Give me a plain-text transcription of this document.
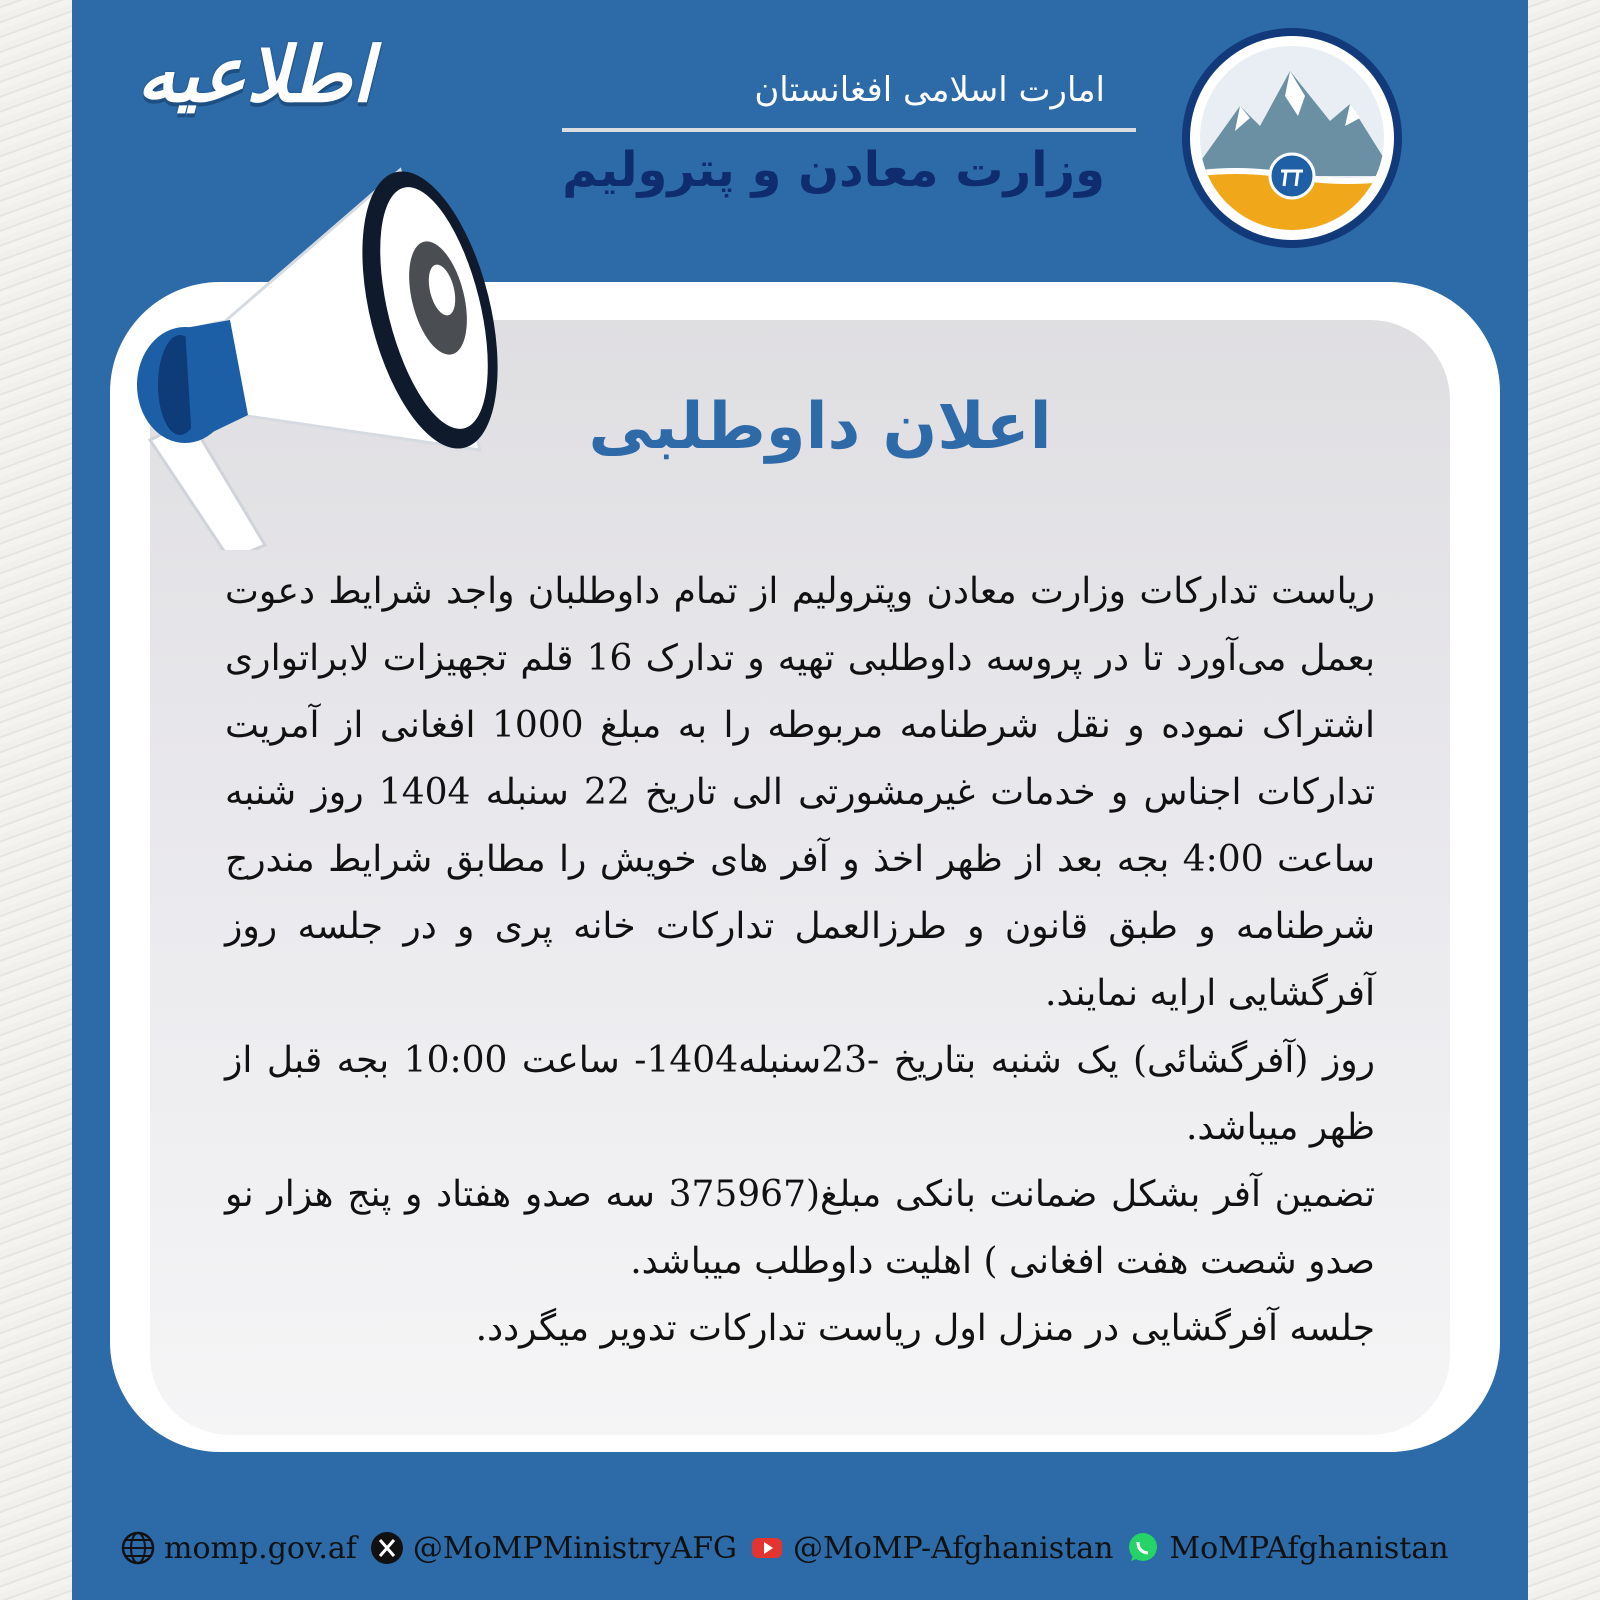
اطلاعیه	امارت اسلامی افغانستان
وزارت معادن و پترولیم
اعلان داوطلبی

ریاست تدارکات وزارت معادن وپترولیم از تمام داوطلبان واجد شرایط دعوت بعمل می‌آورد تا در پروسه داوطلبی تهیه و تدارک 16 قلم تجهیزات لابراتواری اشتراک نموده و نقل شرطنامه مربوطه را به مبلغ 1000 افغانی از آمریت تدارکات اجناس و خدمات غیرمشورتی الی تاریخ 22 سنبله 1404 روز شنبه ساعت 4:00 بجه بعد از ظهر اخذ و آفر های خویش را مطابق شرایط مندرج شرطنامه و طبق قانون و طرزالعمل تدارکات خانه پری و در جلسه روز آفرگشایی ارایه نمایند.

روز (آفرگشائی) یک شنبه بتاریخ -23سنبله1404- ساعت 10:00 بجه قبل از ظهر میباشد.

تضمین آفر بشکل ضمانت بانکی مبلغ(375967 سه صدو هفتاد و پنج هزار نو صدو شصت هفت افغانی ) اهلیت داوطلب میباشد.

جلسه آفرگشایی در منزل اول ریاست تدارکات تدویر میگردد.

momp.gov.af @MoMPMinistryAFG @MoMP-Afghanistan MoMPAfghanistan
